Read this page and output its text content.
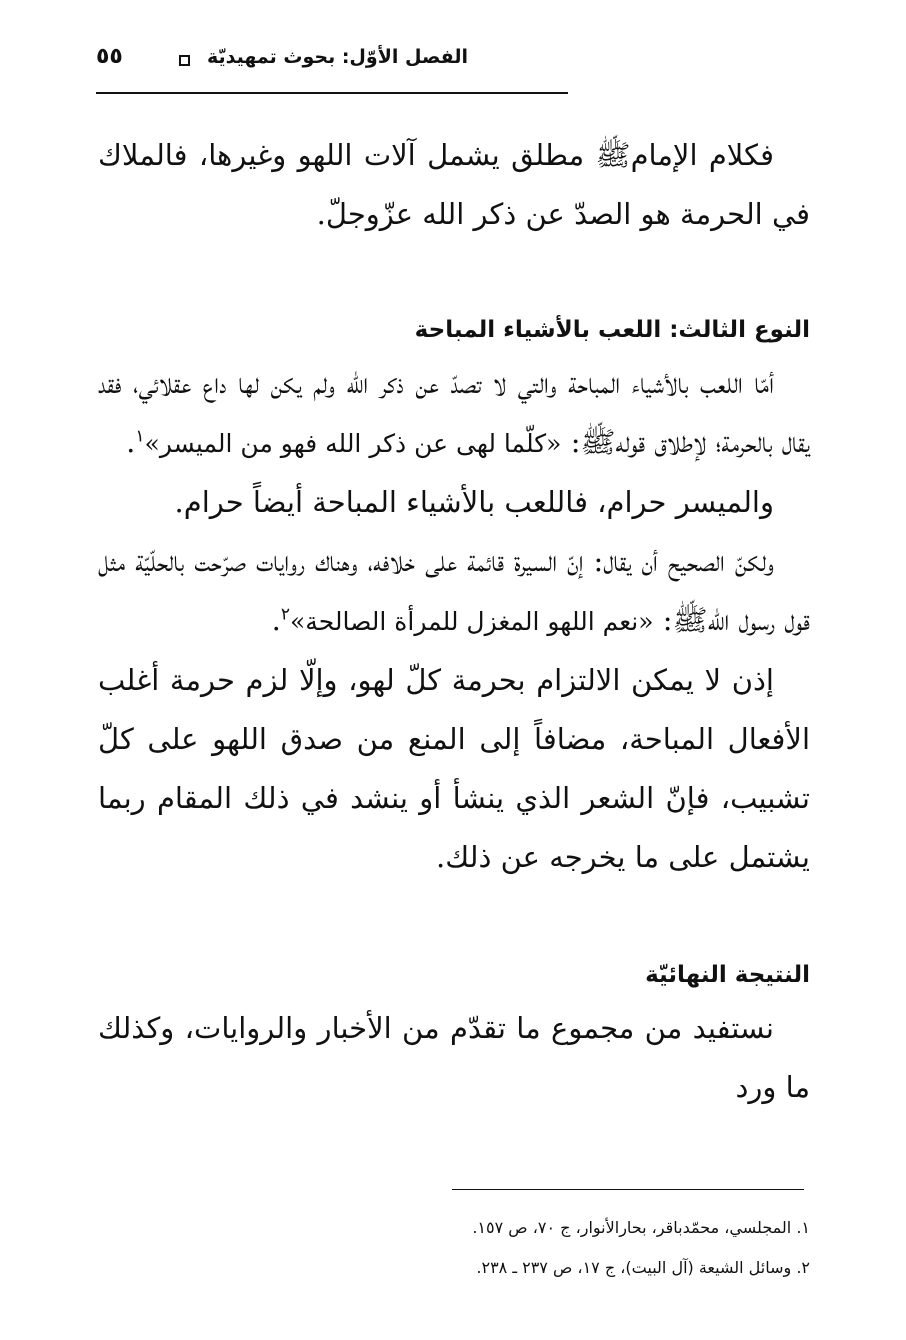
٥٥	الفصل الأوّل: بحوث تمهيديّة

فكلام الإمام‌ﷺ مطلق يشمل آلات اللهو وغيرها، فالملاك في الحرمة هو الصدّ عن ذكر الله عزّوجلّ.

النوع الثالث: اللعب بالأشياء المباحة

أمّا اللعب بالأشياء المباحة والتي لا تصدّ عن ذكر الله ولم يكن لها داع عقلائي، فقد يقال بالحرمة؛ لإطلاق قوله‌ﷺ: «كلّما لهى عن ذكر الله فهو من الميسر»$^١$.

والميسر حرام، فاللعب بالأشياء المباحة أيضاً حرام.

ولكنّ الصحيح أن يقال: إنّ السيرة قائمة على خلافه، وهناك روايات صرّحت بالحلّيّة مثل قول رسول الله‌ﷺ: «نعم اللهو المغزل للمرأة الصالحة»$^٢$.

إذن لا يمكن الالتزام بحرمة كلّ لهو، وإلّا لزم حرمة أغلب الأفعال المباحة، مضافاً إلى المنع من صدق اللهو على كلّ تشبيب، فإنّ الشعر الذي ينشأ أو ينشد في ذلك المقام ربما يشتمل على ما يخرجه عن ذلك.

النتيجة النهائيّة

نستفيد من مجموع ما تقدّم من الأخبار والروايات، وكذلك ما ورد

١. المجلسي، محمّدباقر، بحارالأنوار، ج ٧٠، ص ١٥٧.

٢. وسائل الشيعة (آل البيت)، ج ١٧، ص ٢٣٧ ـ ٢٣٨.
